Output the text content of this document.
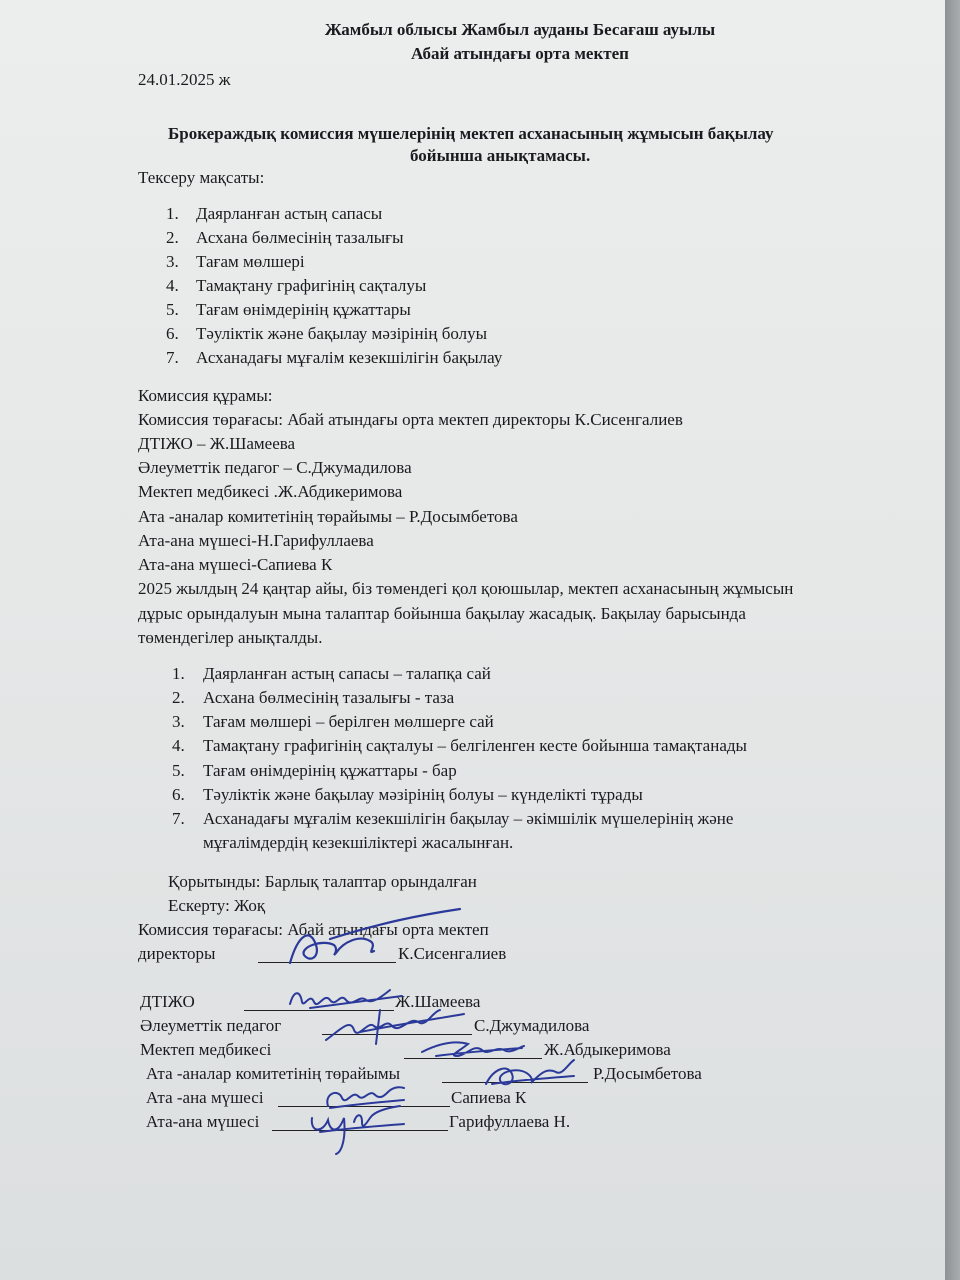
Жамбыл облысы Жамбыл ауданы Бесағаш ауылы
Абай атындағы орта мектеп
24.01.2025 ж
Брокераждық комиссия мүшелерінің мектеп асханасының жұмысын бақылау
бойынша анықтамасы.
Тексеру мақсаты:
1. Даярланған астың сапасы
2. Асхана бөлмесінің тазалығы
3. Тағам мөлшері
4. Тамақтану графигінің сақталуы
5. Тағам өнімдерінің құжаттары
6. Тәуліктік және бақылау мәзірінің болуы
7. Асханадағы мұғалім кезекшілігін бақылау
Комиссия құрамы:
Комиссия төрағасы: Абай атындағы орта мектеп директоры К.Сисенгалиев
ДТІЖО – Ж.Шамеева
Әлеуметтік педагог – С.Джумадилова
Мектеп медбикесі .Ж.Абдикеримова
Ата -аналар комитетінің төрайымы – Р.Досымбетова
Ата-ана мүшесі-Н.Гарифуллаева
Ата-ана мүшесі-Сапиева К
2025 жылдың 24 қаңтар айы, біз төмендегі қол қоюшылар, мектеп асханасының жұмысын
дұрыс орындалуын мына талаптар бойынша бақылау жасадық. Бақылау барысында
төмендегілер анықталды.
1. Даярланған астың сапасы – талапқа сай
2. Асхана бөлмесінің тазалығы - таза
3. Тағам мөлшері – берілген мөлшерге сай
4. Тамақтану графигінің сақталуы – белгіленген кесте бойынша тамақтанады
5. Тағам өнімдерінің құжаттары - бар
6. Тәуліктік және бақылау мәзірінің болуы – күнделікті тұрады
7. Асханадағы мұғалім кезекшілігін бақылау – әкімшілік мүшелерінің және
мұғалімдердің кезекшіліктері жасалынған.
Қорытынды: Барлық талаптар орындалған
Ескерту: Жоқ
Комиссия төрағасы: Абай атындағы орта мектеп
директоры	К.Сисенгалиев
ДТІЖО	Ж.Шамеева
Әлеуметтік педагог	С.Джумадилова
Мектеп медбикесі	Ж.Абдыкеримова
Ата -аналар комитетінің төрайымы	Р.Досымбетова
Ата -ана мүшесі	Сапиева К
Ата-ана мүшесі	Гарифуллаева Н.
